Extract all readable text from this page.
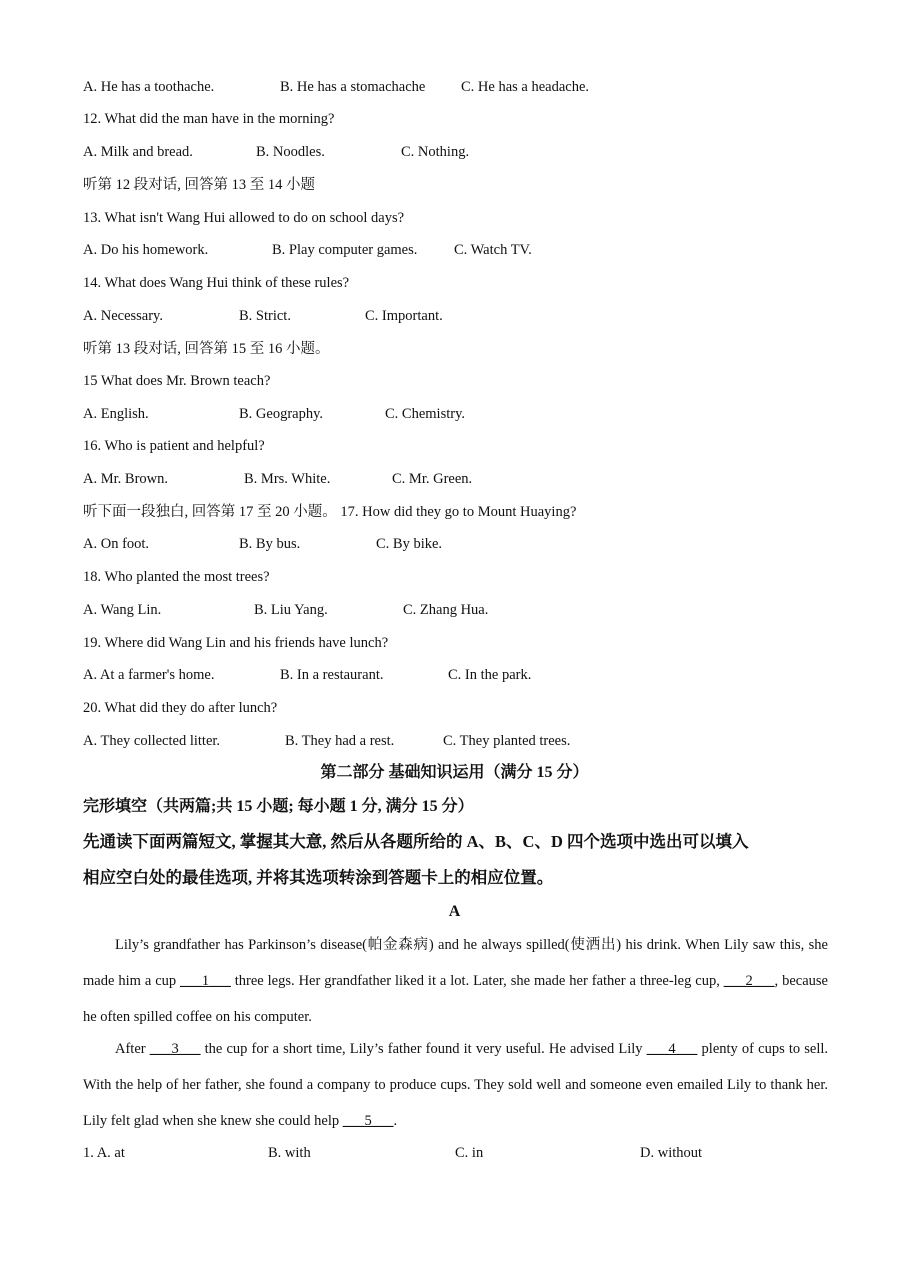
A. He has a toothache.	B. He has a stomachache C. He has a headache.
12. What did the man have in the morning?
A. Milk and bread.	B. Noodles.	C. Nothing.
听第 12 段对话, 回答第 13 至 14 小题
13. What isn't Wang Hui allowed to do on school days?
A. Do his homework.	B. Play computer games.	C. Watch TV.
14. What does Wang Hui think of these rules?
A. Necessary.	B. Strict.	C. Important.
听第 13 段对话, 回答第 15 至 16 小题。
15 What does Mr. Brown teach?
A. English.	B. Geography.	C. Chemistry.
16. Who is patient and helpful?
A. Mr. Brown.	B. Mrs. White.	C. Mr. Green.
听下面一段独白, 回答第 17 至 20 小题。 17. How did they go to Mount Huaying?
A. On foot.	B. By bus.	C. By bike.
18. Who planted the most trees?
A. Wang Lin.	B. Liu Yang.	C. Zhang Hua.
19. Where did Wang Lin and his friends have lunch?
A. At a farmer's home.	B. In a restaurant.	C. In the park.
20. What did they do after lunch?
A. They collected litter.	B. They had a rest.	C. They planted trees.
第二部分 基础知识运用（满分 15 分）
完形填空（共两篇;共 15 小题; 每小题 1 分, 满分 15 分）
先通读下面两篇短文, 掌握其大意, 然后从各题所给的 A、B、C、D 四个选项中选出可以填入
相应空白处的最佳选项, 并将其选项转涂到答题卡上的相应位置。
A
Lily’s grandfather has Parkinson’s disease(帕金森病) and he always spilled(使洒出) his drink. When Lily saw this, she made him a cup ___1___ three legs. Her grandfather liked it a lot. Later, she made her father a three-leg cup, ___2___, because he often spilled coffee on his computer.
After ___3___ the cup for a short time, Lily’s father found it very useful. He advised Lily ___4___ plenty of cups to sell. With the help of her father, she found a company to produce cups. They sold well and someone even emailed Lily to thank her. Lily felt glad when she knew she could help ___5___.
1. A. at	B. with	C. in	D. without
